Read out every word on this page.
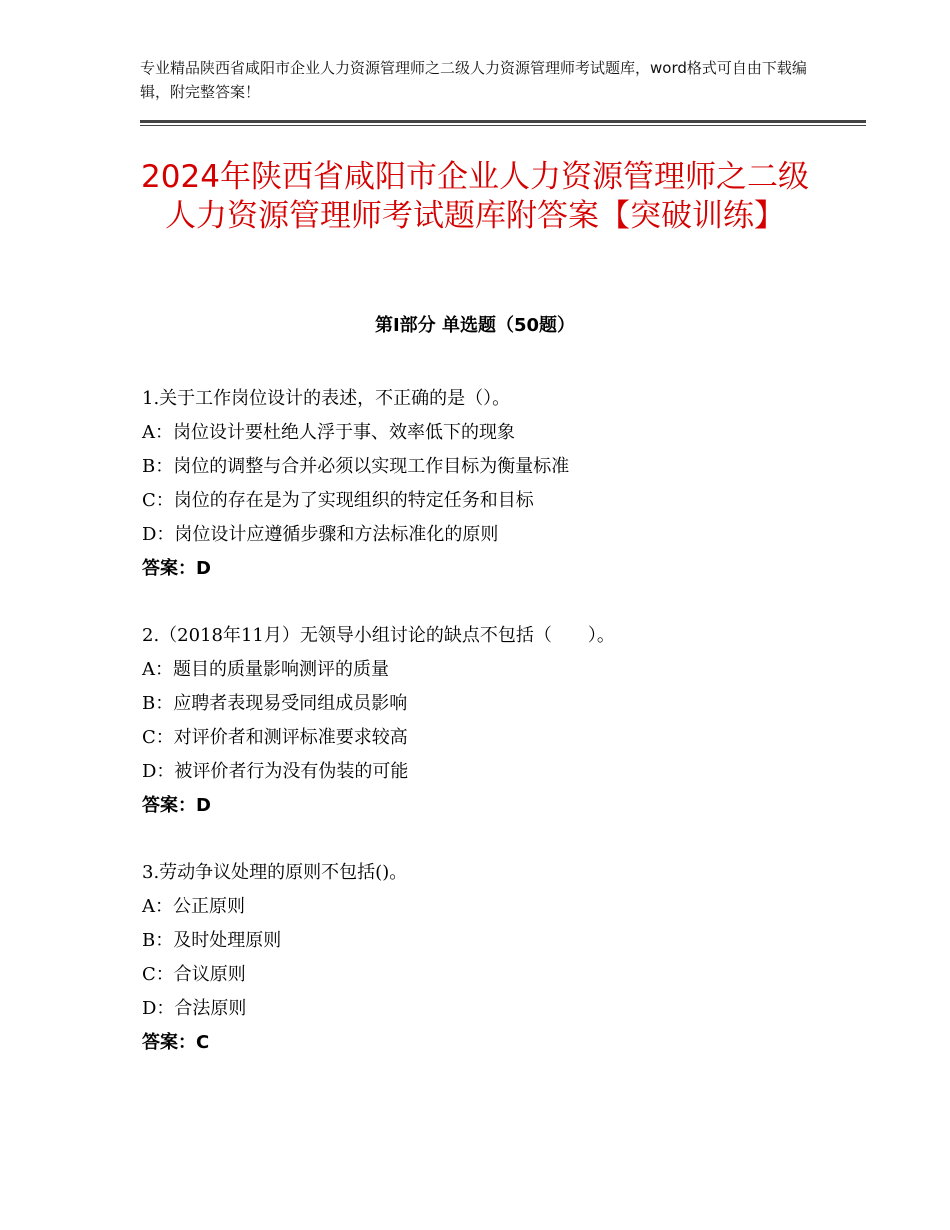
专业精品陕西省咸阳市企业人力资源管理师之二级人力资源管理师考试题库，word格式可自由下载编辑，附完整答案！
2024年陕西省咸阳市企业人力资源管理师之二级人力资源管理师考试题库附答案【突破训练】
第Ⅰ部分 单选题（50题）
1.关于工作岗位设计的表述，不正确的是（）。
A：岗位设计要杜绝人浮于事、效率低下的现象
B：岗位的调整与合并必须以实现工作目标为衡量标准
C：岗位的存在是为了实现组织的特定任务和目标
D：岗位设计应遵循步骤和方法标准化的原则
答案：D
2.（2018年11月）无领导小组讨论的缺点不包括（　　）。
A：题目的质量影响测评的质量
B：应聘者表现易受同组成员影响
C：对评价者和测评标准要求较高
D：被评价者行为没有伪装的可能
答案：D
3.劳动争议处理的原则不包括()。
A：公正原则
B：及时处理原则
C：合议原则
D：合法原则
答案：C
